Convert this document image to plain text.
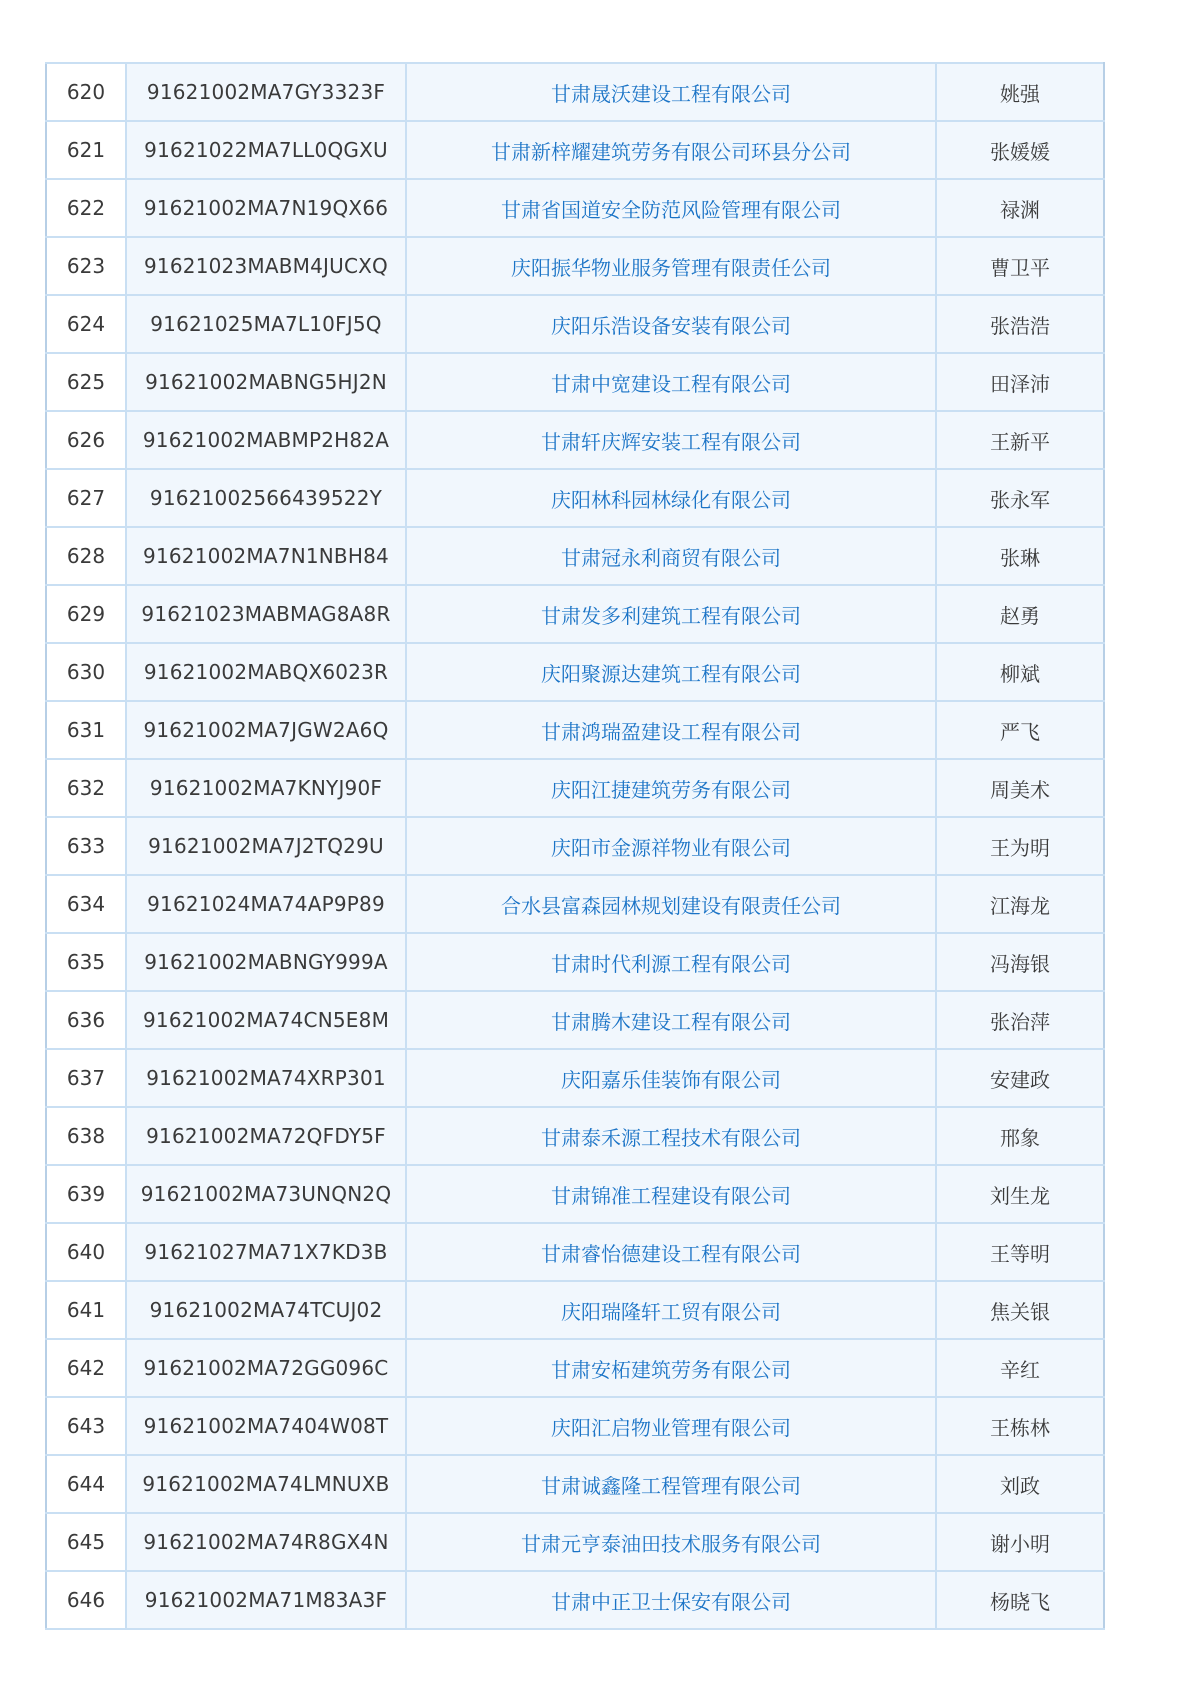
620	91621002MA7GY3323F	甘肃晟沃建设工程有限公司	姚强
621	91621022MA7LL0QGXU	甘肃新梓耀建筑劳务有限公司环县分公司	张媛媛
622	91621002MA7N19QX66	甘肃省国道安全防范风险管理有限公司	禄渊
623	91621023MABM4JUCXQ	庆阳振华物业服务管理有限责任公司	曹卫平
624	91621025MA7L10FJ5Q	庆阳乐浩设备安装有限公司	张浩浩
625	91621002MABNG5HJ2N	甘肃中宽建设工程有限公司	田泽沛
626	91621002MABMP2H82A	甘肃轩庆辉安装工程有限公司	王新平
627	91621002566439522Y	庆阳林科园林绿化有限公司	张永军
628	91621002MA7N1NBH84	甘肃冠永利商贸有限公司	张琳
629	91621023MABMAG8A8R	甘肃发多利建筑工程有限公司	赵勇
630	91621002MABQX6023R	庆阳聚源达建筑工程有限公司	柳斌
631	91621002MA7JGW2A6Q	甘肃鸿瑞盈建设工程有限公司	严飞
632	91621002MA7KNYJ90F	庆阳江捷建筑劳务有限公司	周美术
633	91621002MA7J2TQ29U	庆阳市金源祥物业有限公司	王为明
634	91621024MA74AP9P89	合水县富森园林规划建设有限责任公司	江海龙
635	91621002MABNGY999A	甘肃时代利源工程有限公司	冯海银
636	91621002MA74CN5E8M	甘肃腾木建设工程有限公司	张治萍
637	91621002MA74XRP301	庆阳嘉乐佳装饰有限公司	安建政
638	91621002MA72QFDY5F	甘肃泰禾源工程技术有限公司	邢象
639	91621002MA73UNQN2Q	甘肃锦准工程建设有限公司	刘生龙
640	91621027MA71X7KD3B	甘肃睿怡德建设工程有限公司	王等明
641	91621002MA74TCUJ02	庆阳瑞隆轩工贸有限公司	焦关银
642	91621002MA72GG096C	甘肃安柘建筑劳务有限公司	辛红
643	91621002MA7404W08T	庆阳汇启物业管理有限公司	王栋林
644	91621002MA74LMNUXB	甘肃诚鑫隆工程管理有限公司	刘政
645	91621002MA74R8GX4N	甘肃元亨泰油田技术服务有限公司	谢小明
646	91621002MA71M83A3F	甘肃中正卫士保安有限公司	杨晓飞
